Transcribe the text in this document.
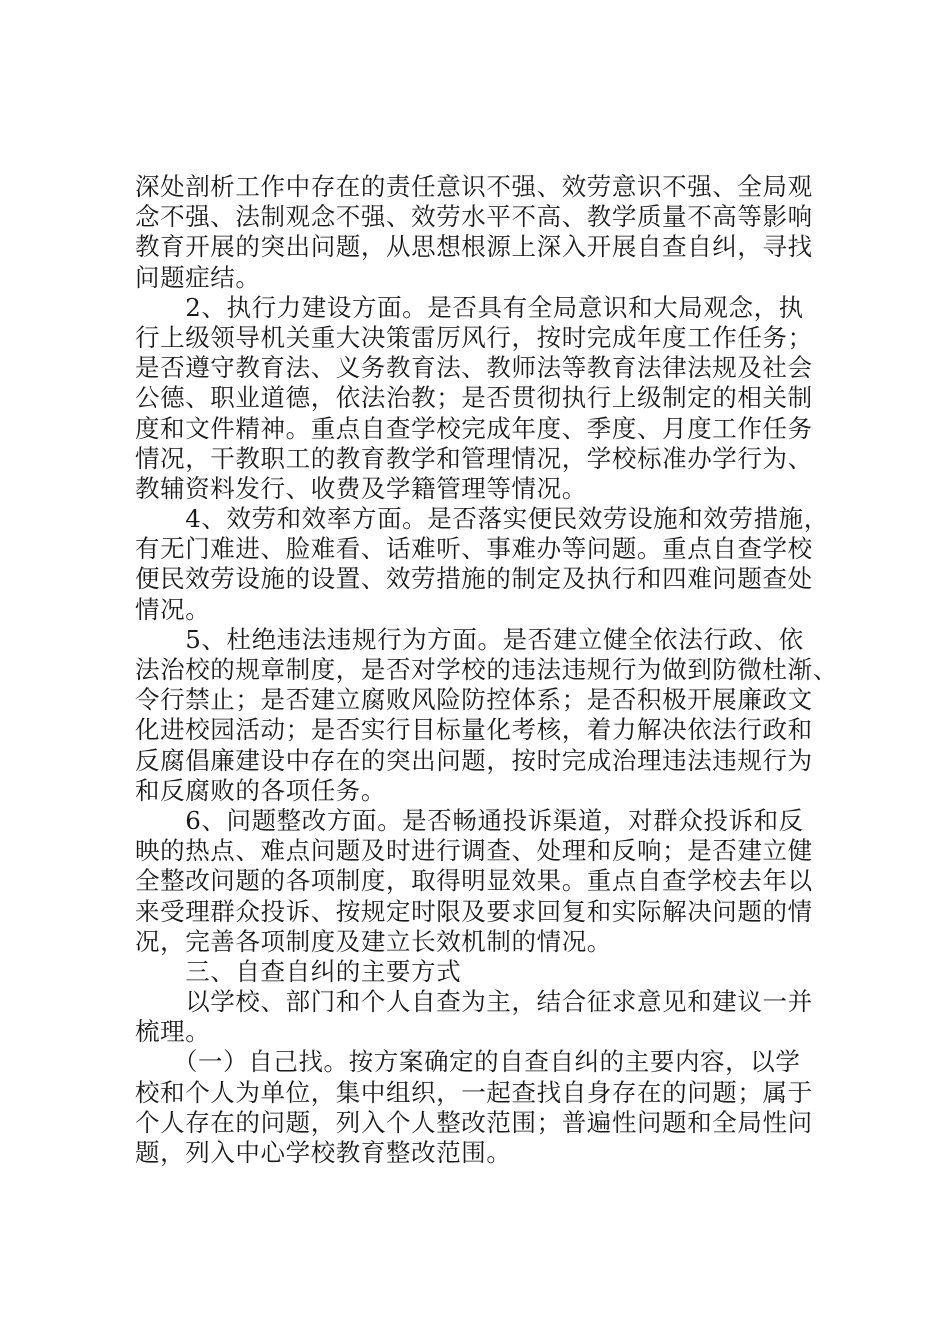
深处剖析工作中存在的责任意识不强、效劳意识不强、全局观
念不强、法制观念不强、效劳水平不高、教学质量不高等影响
教育开展的突出问题，从思想根源上深入开展自查自纠，寻找
问题症结。
　　2、执行力建设方面。是否具有全局意识和大局观念，执
行上级领导机关重大决策雷厉风行，按时完成年度工作任务；
是否遵守教育法、义务教育法、教师法等教育法律法规及社会
公德、职业道德，依法治教；是否贯彻执行上级制定的相关制
度和文件精神。重点自查学校完成年度、季度、月度工作任务
情况，干教职工的教育教学和管理情况，学校标准办学行为、
教辅资料发行、收费及学籍管理等情况。
　　4、效劳和效率方面。是否落实便民效劳设施和效劳措施，
有无门难进、脸难看、话难听、事难办等问题。重点自查学校
便民效劳设施的设置、效劳措施的制定及执行和四难问题查处
情况。
　　5、杜绝违法违规行为方面。是否建立健全依法行政、依
法治校的规章制度，是否对学校的违法违规行为做到防微杜渐、
令行禁止；是否建立腐败风险防控体系；是否积极开展廉政文
化进校园活动；是否实行目标量化考核，着力解决依法行政和
反腐倡廉建设中存在的突出问题，按时完成治理违法违规行为
和反腐败的各项任务。
　　6、问题整改方面。是否畅通投诉渠道，对群众投诉和反
映的热点、难点问题及时进行调查、处理和反响；是否建立健
全整改问题的各项制度，取得明显效果。重点自查学校去年以
来受理群众投诉、按规定时限及要求回复和实际解决问题的情
况，完善各项制度及建立长效机制的情况。
　　三、自查自纠的主要方式
　　以学校、部门和个人自查为主，结合征求意见和建议一并
梳理。
　　（一）自己找。按方案确定的自查自纠的主要内容，以学
校和个人为单位，集中组织，一起查找自身存在的问题；属于
个人存在的问题，列入个人整改范围；普遍性问题和全局性问
题，列入中心学校教育整改范围。
